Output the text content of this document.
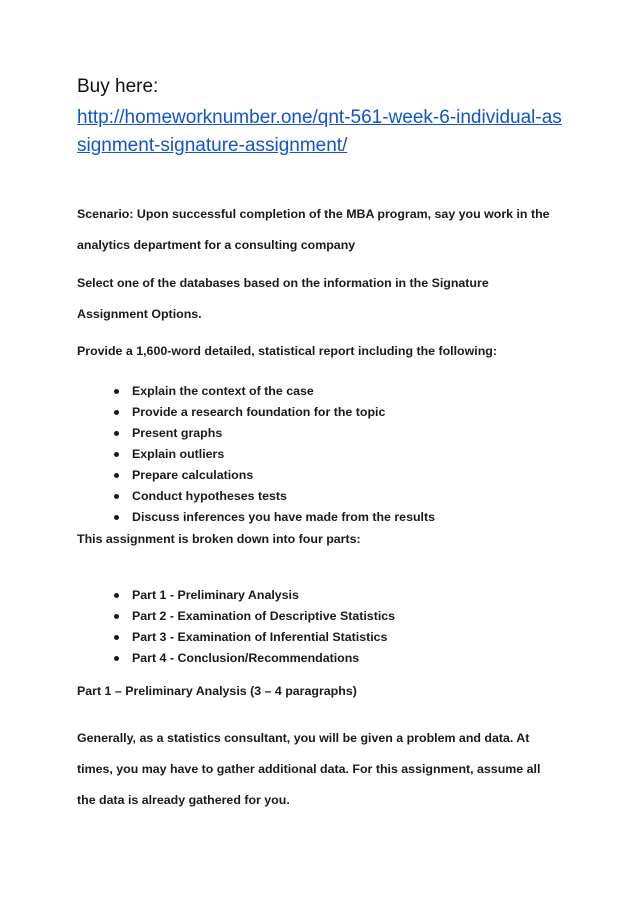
Buy here:
http://homeworknumber.one/qnt-561-week-6-individual-assignment-signature-assignment/
Scenario: Upon successful completion of the MBA program, say you work in the analytics department for a consulting company
Select one of the databases based on the information in the Signature Assignment Options.
Provide a 1,600-word detailed, statistical report including the following:
Explain the context of the case
Provide a research foundation for the topic
Present graphs
Explain outliers
Prepare calculations
Conduct hypotheses tests
Discuss inferences you have made from the results
This assignment is broken down into four parts:
Part 1 - Preliminary Analysis
Part 2 - Examination of Descriptive Statistics
Part 3 - Examination of Inferential Statistics
Part 4 - Conclusion/Recommendations
Part 1 – Preliminary Analysis (3 – 4 paragraphs)
Generally, as a statistics consultant, you will be given a problem and data. At times, you may have to gather additional data. For this assignment, assume all the data is already gathered for you.
